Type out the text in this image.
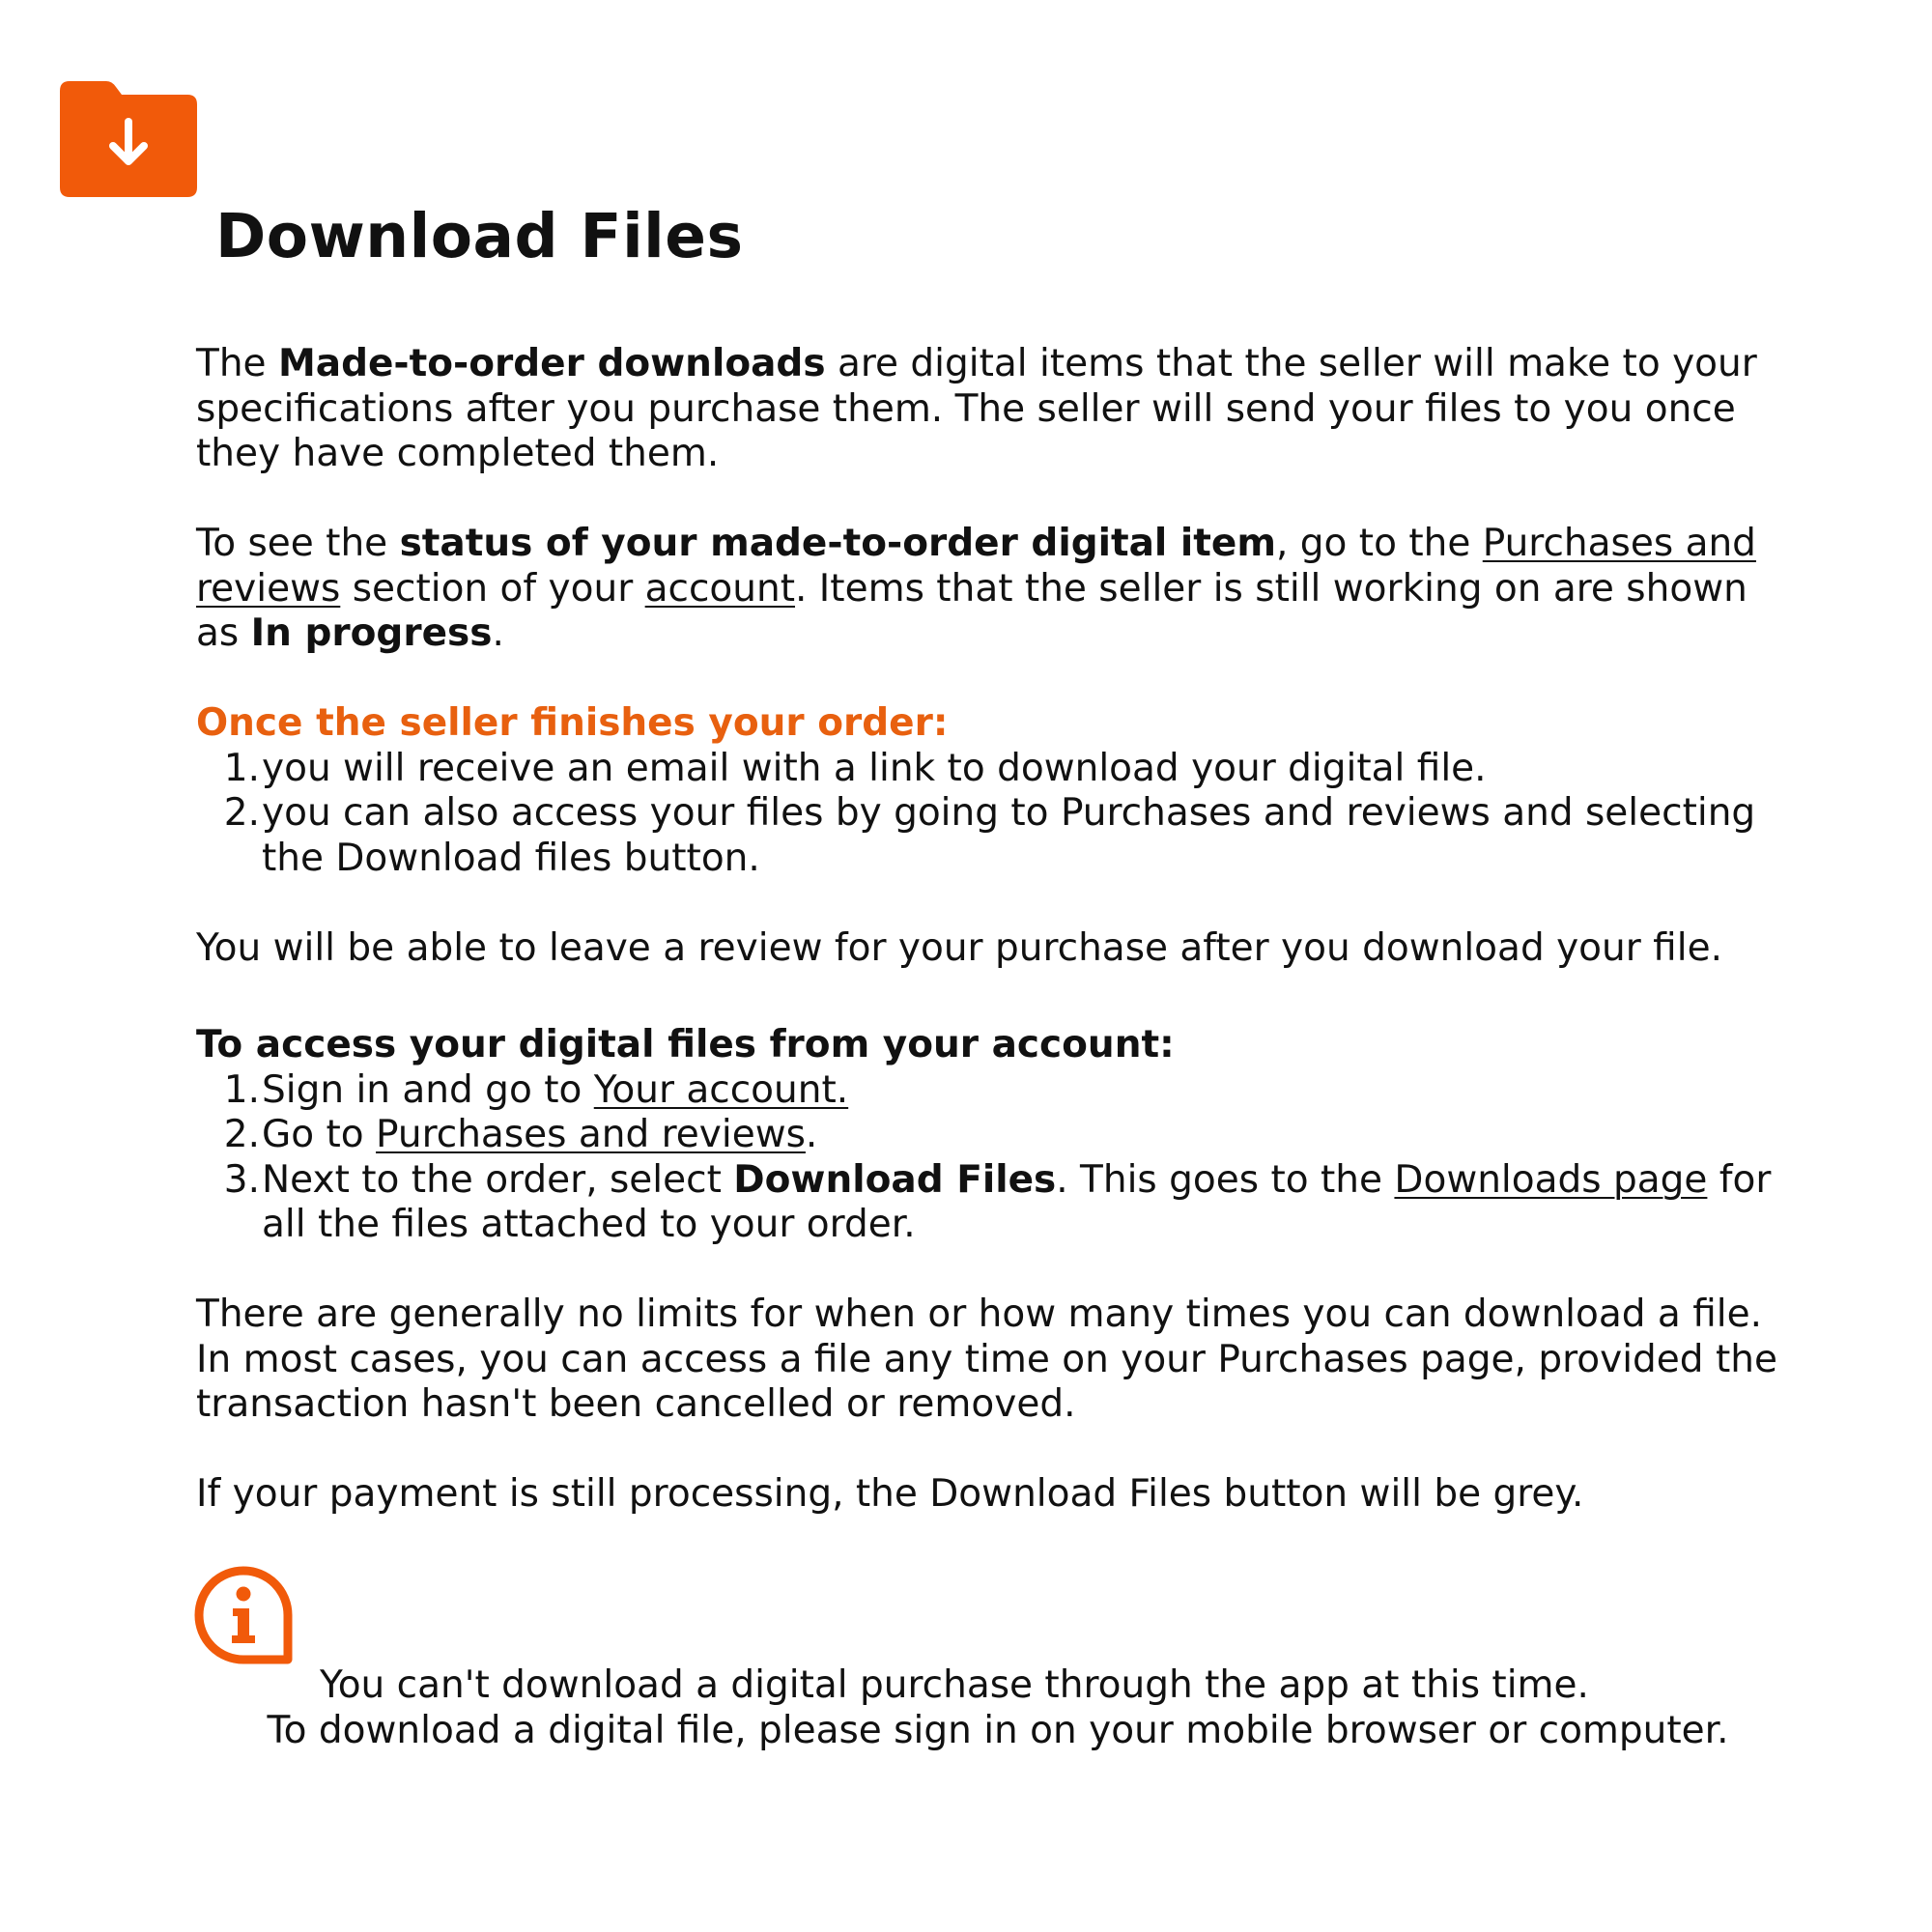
Download Files

The Made-to-order downloads are digital items that the seller will make to your specifications after you purchase them. The seller will send your files to you once they have completed them.

To see the status of your made-to-order digital item, go to the Purchases and reviews section of your account. Items that the seller is still working on are shown as In progress.

Once the seller finishes your order:

1. you will receive an email with a link to download your digital file.
2. you can also access your files by going to Purchases and reviews and selecting the Download files button.

You will be able to leave a review for your purchase after you download your file.

To access your digital files from your account:

1. Sign in and go to Your account.
2. Go to Purchases and reviews.
3. Next to the order, select Download Files. This goes to the Downloads page for all the files attached to your order.

There are generally no limits for when or how many times you can download a file. In most cases, you can access a file any time on your Purchases page, provided the transaction hasn't been cancelled or removed.

If your payment is still processing, the Download Files button will be grey.

You can't download a digital purchase through the app at this time.

To download a digital file, please sign in on your mobile browser or computer.
